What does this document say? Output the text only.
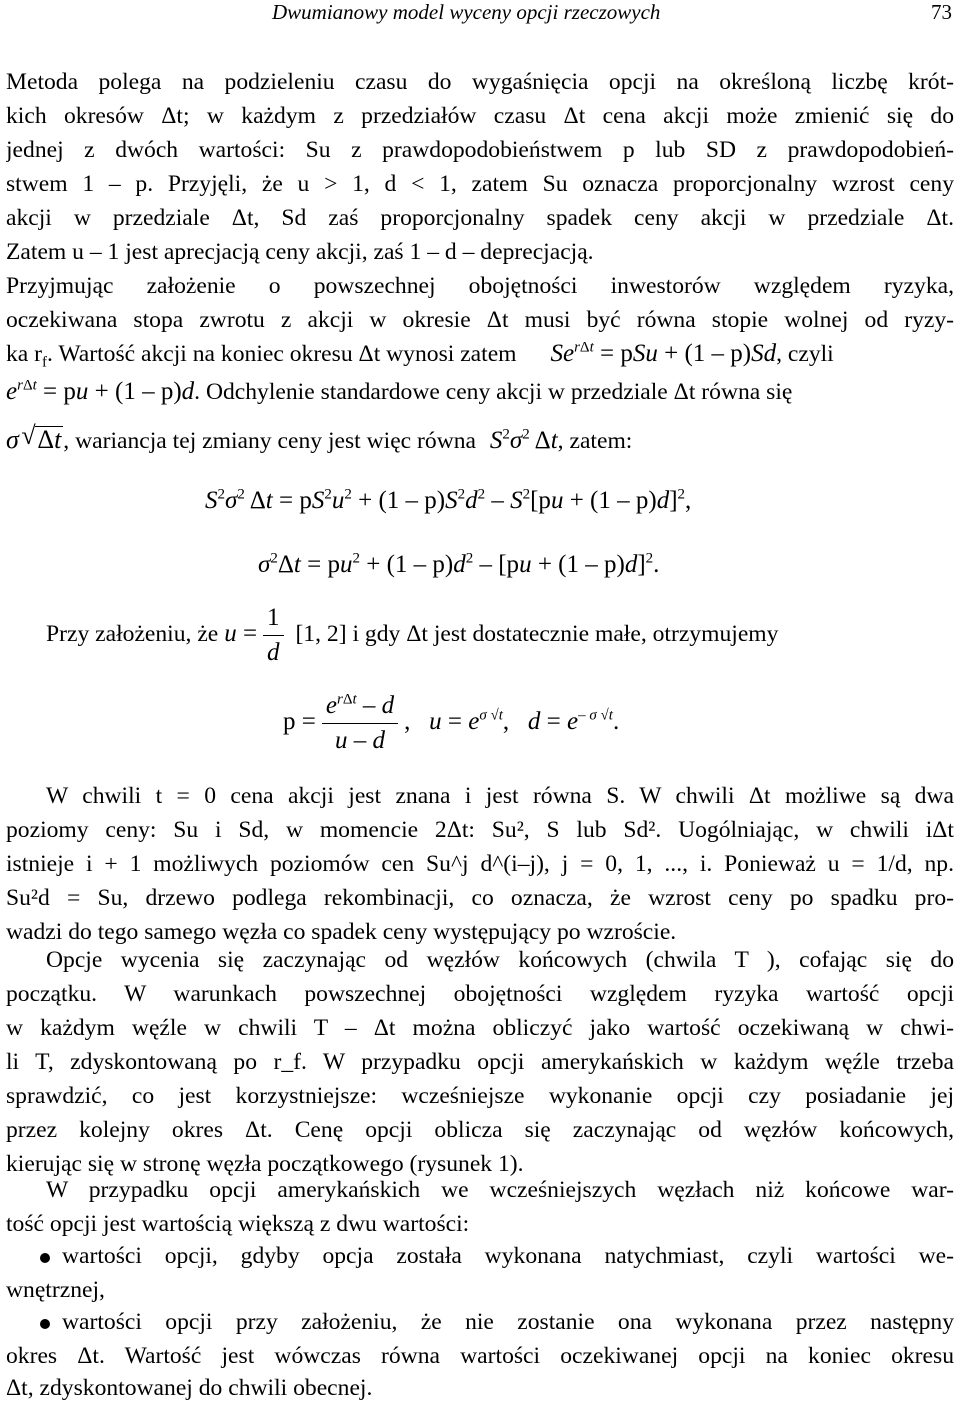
Dwumianowy model wyceny opcji rzeczowych	73
Metoda polega na podzieleniu czasu do wygaśnięcia opcji na określoną liczbę krót-
kich okresów Δt; w każdym z przedziałów czasu Δt cena akcji może zmienić się do
jednej z dwóch wartości: Su z prawdopodobieństwem p lub SD z prawdopodobień-
stwem 1 – p. Przyjęli, że u > 1, d < 1, zatem Su oznacza proporcjonalny wzrost ceny
akcji w przedziale Δt, Sd zaś proporcjonalny spadek ceny akcji w przedziale Δt.
Zatem u – 1 jest aprecjacją ceny akcji, zaś 1 – d – deprecjacją.
Przyjmując założenie o powszechnej obojętności inwestorów względem ryzyka,
oczekiwana stopa zwrotu z akcji w okresie Δt musi być równa stopie wolnej od ryzy-
ka $r_f$. Wartość akcji na koniec okresu Δt wynosi zatem $Se^{r\Delta t}$ = pSu + (1 – p)Sd, czyli
$e^{r\Delta t}$ = pu + (1 – p)d. Odchylenie standardowe ceny akcji w przedziale Δt równa się
σ √ Δt, wariancja tej zmiany ceny jest więc równa $S^2\sigma^2$ Δt, zatem:
$S^2\sigma^2$ $\Delta t = pS^2u^2 + (1 - p)S^2d^2 - S^2[pu + (1 - p)d]^2$,
$\sigma^2\Delta t = pu^2 + (1 - p)d^2 - [pu + (1 - p)d]^2$.
Przy założeniu, że $u = \frac{1}{d} [1$, 2] i gdy Δt jest dostatecznie małe, otrzymujemy
$p = \frac{e^{r\Delta t} - d}{u - d}$ ,   $u = e^{\sigma √t}$,   $d = e^{- \sigma √t}$.
W chwili t = 0 cena akcji jest znana i jest równa S. W chwili Δt możliwe są dwa
poziomy ceny: Su i Sd, w momencie 2Δt: Su², S lub Sd². Uogólniając, w chwili iΔt
istnieje i + 1 możliwych poziomów cen Su^j d^(i–j), j = 0, 1, ..., i. Ponieważ u = 1/d, np.
Su²d = Su, drzewo podlega rekombinacji, co oznacza, że wzrost ceny po spadku pro-
wadzi do tego samego węzła co spadek ceny występujący po wzroście.
Opcje wycenia się zaczynając od węzłów końcowych (chwila T ), cofając się do
początku. W warunkach powszechnej obojętności względem ryzyka wartość opcji
w każdym węźle w chwili T – Δt można obliczyć jako wartość oczekiwaną w chwi-
li T, zdyskontowaną po r_f. W przypadku opcji amerykańskich w każdym węźle trzeba
sprawdzić, co jest korzystniejsze: wcześniejsze wykonanie opcji czy posiadanie jej
przez kolejny okres Δt. Cenę opcji oblicza się zaczynając od węzłów końcowych,
kierując się w stronę węzła początkowego (rysunek 1).
W przypadku opcji amerykańskich we wcześniejszych węzłach niż końcowe war-
tość opcji jest wartością większą z dwu wartości:
wartości opcji, gdyby opcja została wykonana natychmiast, czyli wartości we-
wnętrznej,
wartości opcji przy założeniu, że nie zostanie ona wykonana przez następny
okres Δt. Wartość jest wówczas równa wartości oczekiwanej opcji na koniec okresu
Δt, zdyskontowanej do chwili obecnej.
